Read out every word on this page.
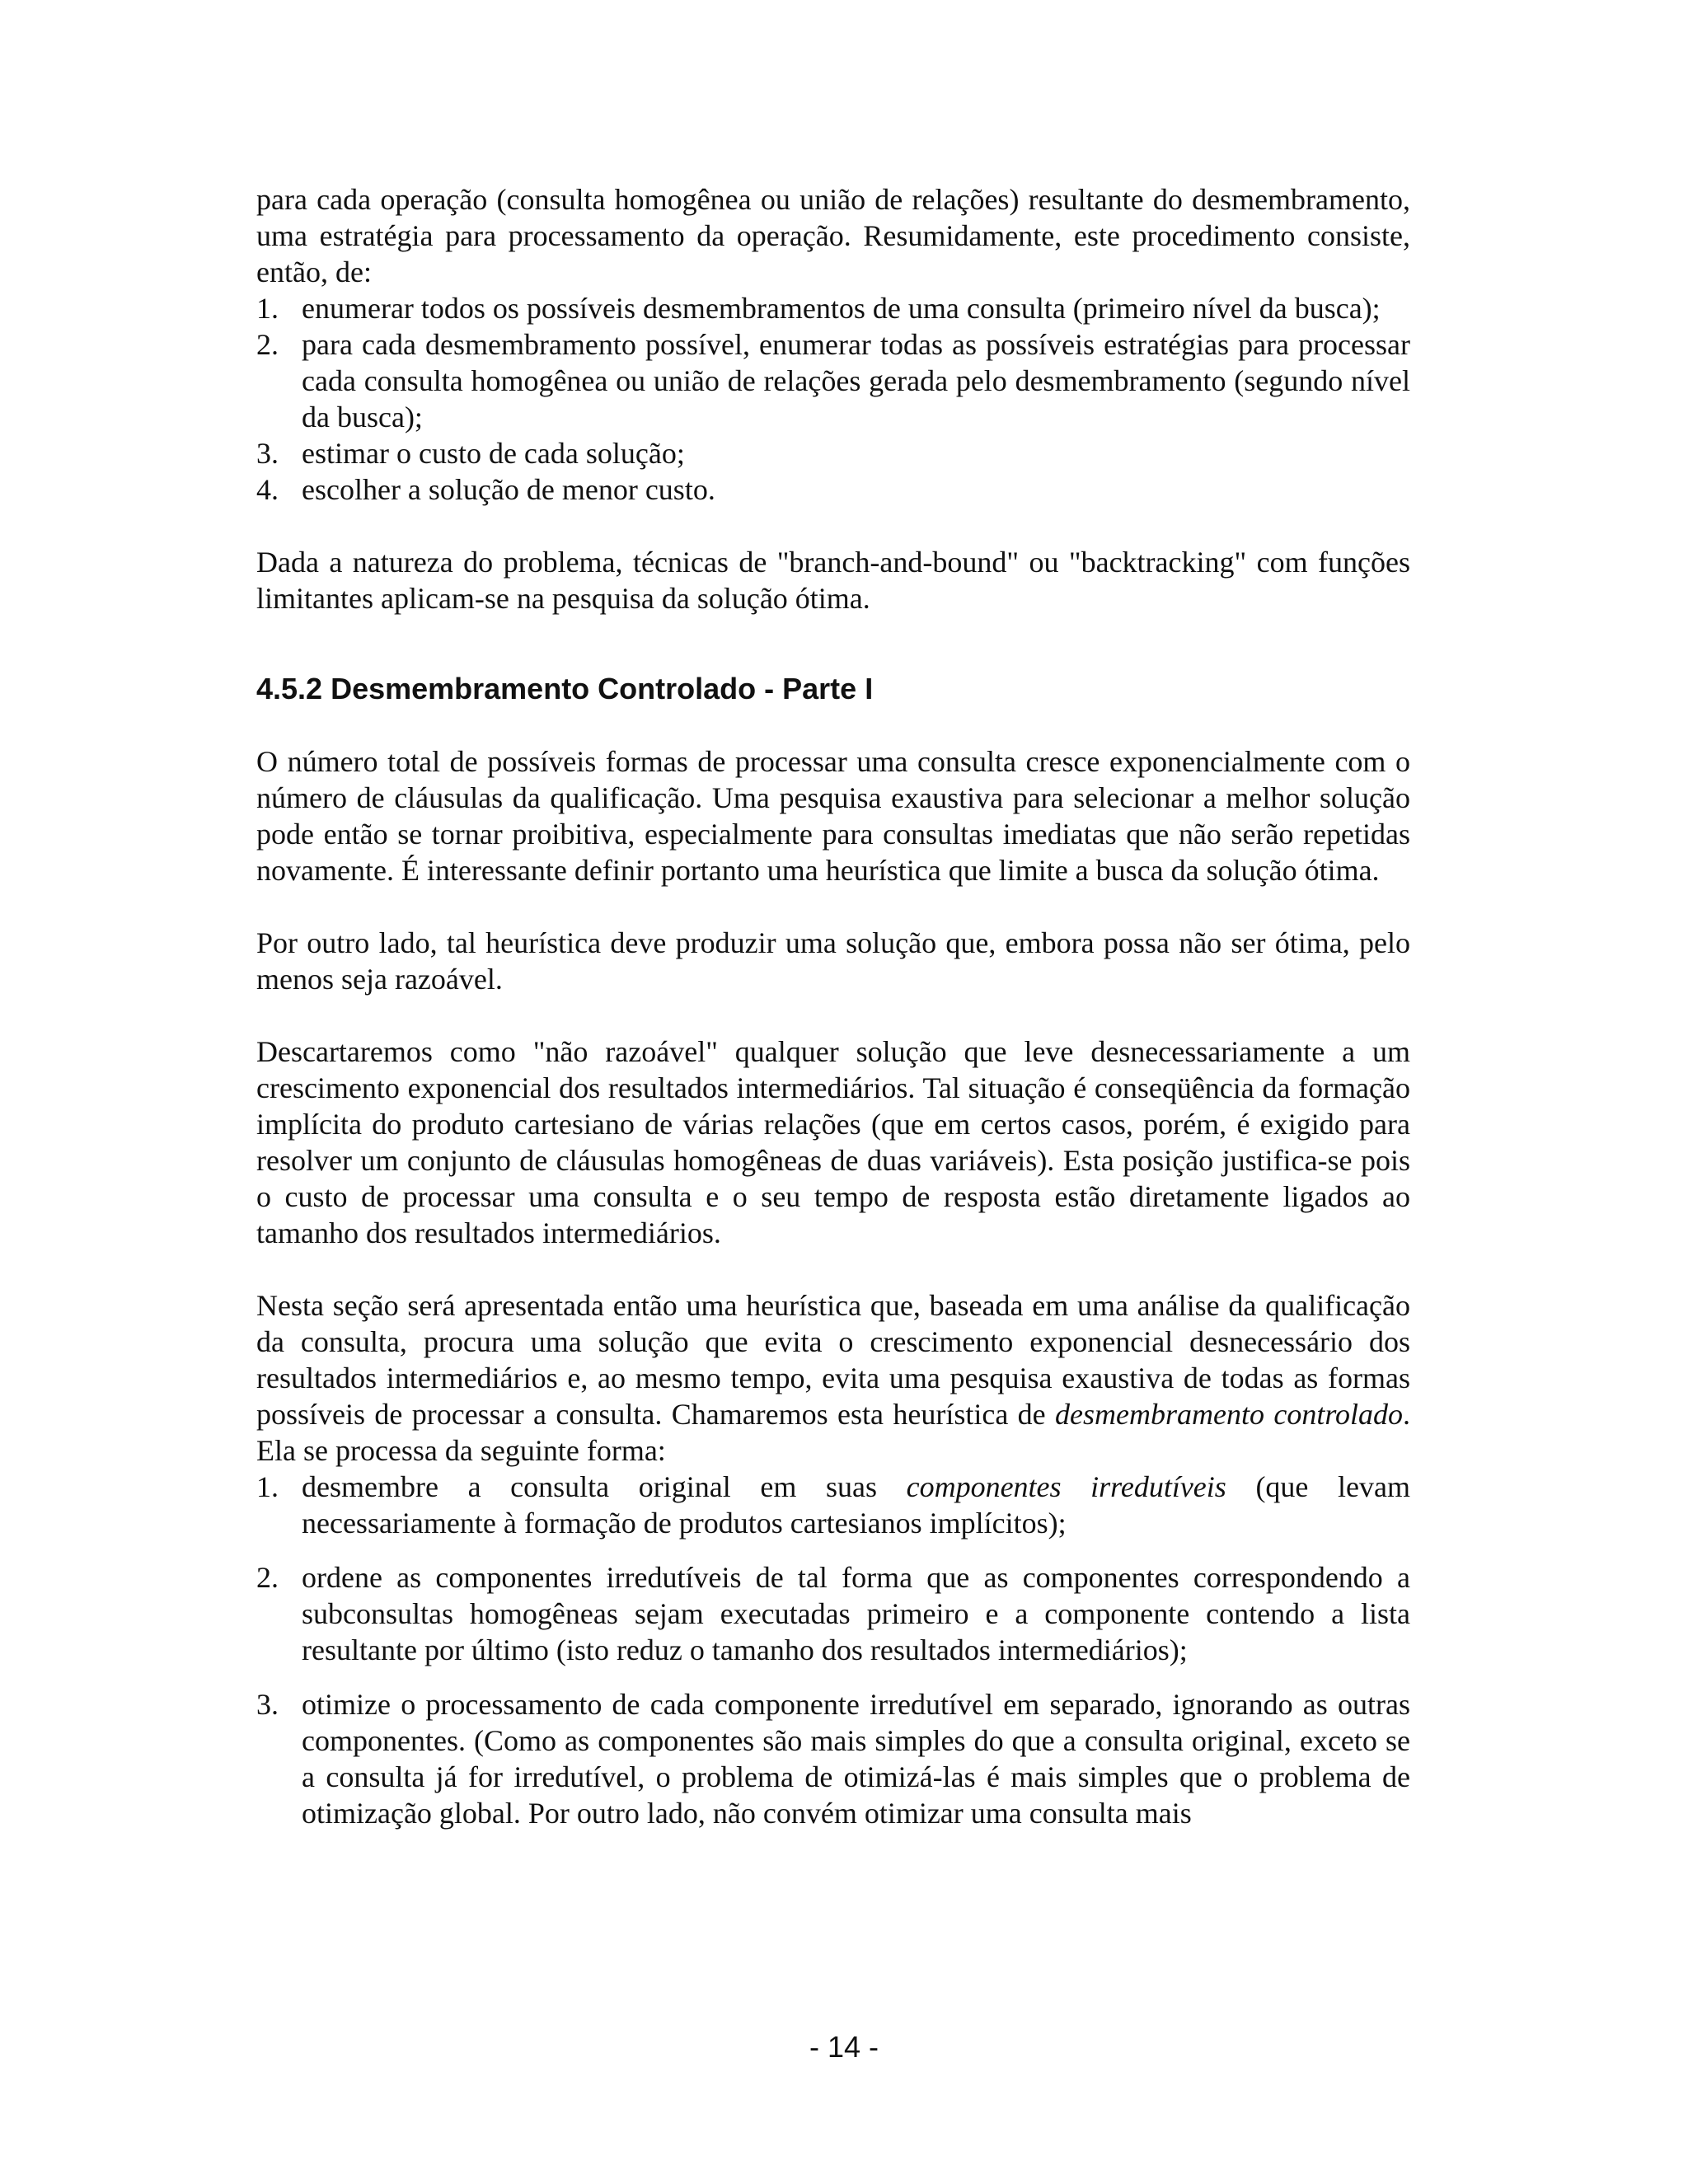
para cada operação (consulta homogênea ou união de relações) resultante do desmembramento, uma estratégia para processamento da operação. Resumidamente, este procedimento consiste, então, de:

1. enumerar todos os possíveis desmembramentos de uma consulta (primeiro nível da busca);
2. para cada desmembramento possível, enumerar todas as possíveis estratégias para processar cada consulta homogênea ou união de relações gerada pelo desmembramento (segundo nível da busca);
3. estimar o custo de cada solução;
4. escolher a solução de menor custo.

Dada a natureza do problema, técnicas de "branch-and-bound" ou "backtracking" com funções limitantes aplicam-se na pesquisa da solução ótima.

4.5.2 Desmembramento Controlado - Parte I

O número total de possíveis formas de processar uma consulta cresce exponencialmente com o número de cláusulas da qualificação. Uma pesquisa exaustiva para selecionar a melhor solução pode então se tornar proibitiva, especialmente para consultas imediatas que não serão repetidas novamente. É interessante definir portanto uma heurística que limite a busca da solução ótima.

Por outro lado, tal heurística deve produzir uma solução que, embora possa não ser ótima, pelo menos seja razoável.

Descartaremos como "não razoável" qualquer solução que leve desnecessariamente a um crescimento exponencial dos resultados intermediários. Tal situação é conseqüência da formação implícita do produto cartesiano de várias relações (que em certos casos, porém, é exigido para resolver um conjunto de cláusulas homogêneas de duas variáveis). Esta posição justifica-se pois o custo de processar uma consulta e o seu tempo de resposta estão diretamente ligados ao tamanho dos resultados intermediários.

Nesta seção será apresentada então uma heurística que, baseada em uma análise da qualificação da consulta, procura uma solução que evita o crescimento exponencial desnecessário dos resultados intermediários e, ao mesmo tempo, evita uma pesquisa exaustiva de todas as formas possíveis de processar a consulta. Chamaremos esta heurística de desmembramento controlado. Ela se processa da seguinte forma:

1. desmembre a consulta original em suas componentes irredutíveis (que levam necessariamente à formação de produtos cartesianos implícitos);
2. ordene as componentes irredutíveis de tal forma que as componentes correspondendo a subconsultas homogêneas sejam executadas primeiro e a componente contendo a lista resultante por último (isto reduz o tamanho dos resultados intermediários);
3. otimize o processamento de cada componente irredutível em separado, ignorando as outras componentes. (Como as componentes são mais simples do que a consulta original, exceto se a consulta já for irredutível, o problema de otimizá-las é mais simples que o problema de otimização global. Por outro lado, não convém otimizar uma consulta mais
- 14 -
